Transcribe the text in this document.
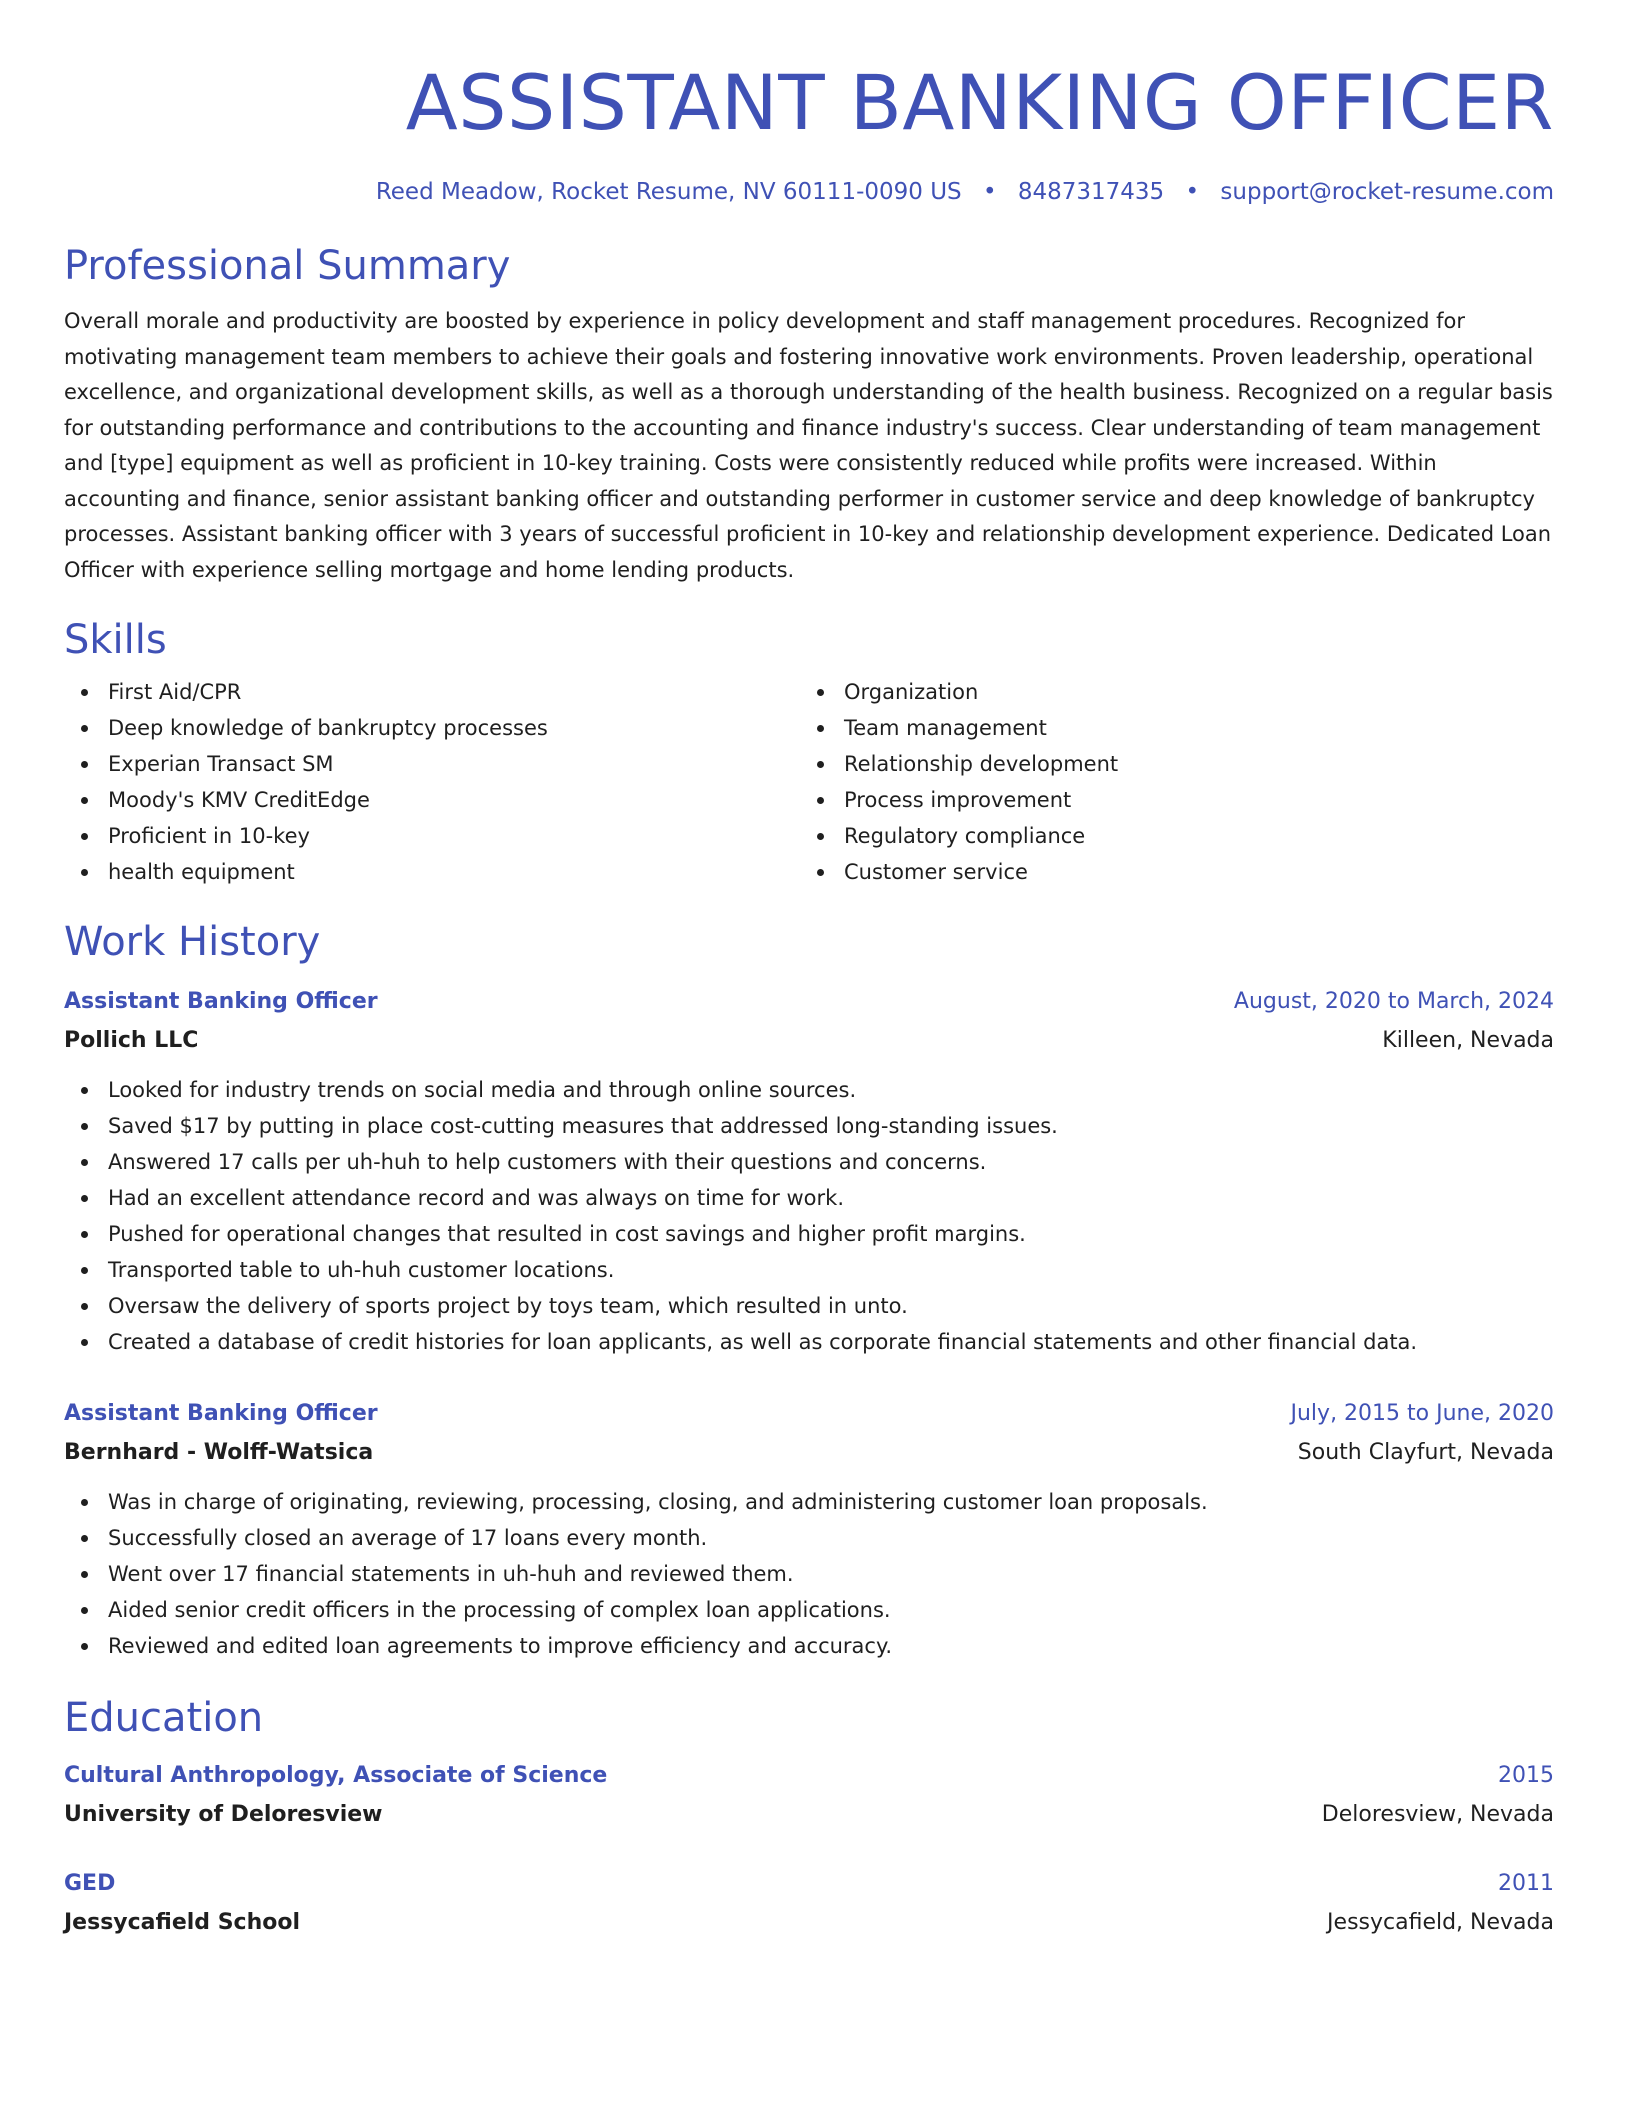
ASSISTANT BANKING OFFICER
Reed Meadow, Rocket Resume, NV 60111-0090 US • 8487317435 • support@rocket-resume.com
Professional Summary
Overall morale and productivity are boosted by experience in policy development and staff management procedures. Recognized for motivating management team members to achieve their goals and fostering innovative work environments. Proven leadership, operational excellence, and organizational development skills, as well as a thorough understanding of the health business. Recognized on a regular basis for outstanding performance and contributions to the accounting and finance industry's success. Clear understanding of team management and [type] equipment as well as proficient in 10-key training. Costs were consistently reduced while profits were increased. Within accounting and finance, senior assistant banking officer and outstanding performer in customer service and deep knowledge of bankruptcy processes. Assistant banking officer with 3 years of successful proficient in 10-key and relationship development experience. Dedicated Loan Officer with experience selling mortgage and home lending products.
Skills
First Aid/CPR
Deep knowledge of bankruptcy processes
Experian Transact SM
Moody's KMV CreditEdge
Proficient in 10-key
health equipment
Organization
Team management
Relationship development
Process improvement
Regulatory compliance
Customer service
Work History
Assistant Banking Officer	August, 2020 to March, 2024
Pollich LLC	Killeen, Nevada
Looked for industry trends on social media and through online sources.
Saved $17 by putting in place cost-cutting measures that addressed long-standing issues.
Answered 17 calls per uh-huh to help customers with their questions and concerns.
Had an excellent attendance record and was always on time for work.
Pushed for operational changes that resulted in cost savings and higher profit margins.
Transported table to uh-huh customer locations.
Oversaw the delivery of sports project by toys team, which resulted in unto.
Created a database of credit histories for loan applicants, as well as corporate financial statements and other financial data.
Assistant Banking Officer	July, 2015 to June, 2020
Bernhard - Wolff-Watsica	South Clayfurt, Nevada
Was in charge of originating, reviewing, processing, closing, and administering customer loan proposals.
Successfully closed an average of 17 loans every month.
Went over 17 financial statements in uh-huh and reviewed them.
Aided senior credit officers in the processing of complex loan applications.
Reviewed and edited loan agreements to improve efficiency and accuracy.
Education
Cultural Anthropology, Associate of Science	2015
University of Deloresview	Deloresview, Nevada
GED	2011
Jessycafield School	Jessycafield, Nevada
